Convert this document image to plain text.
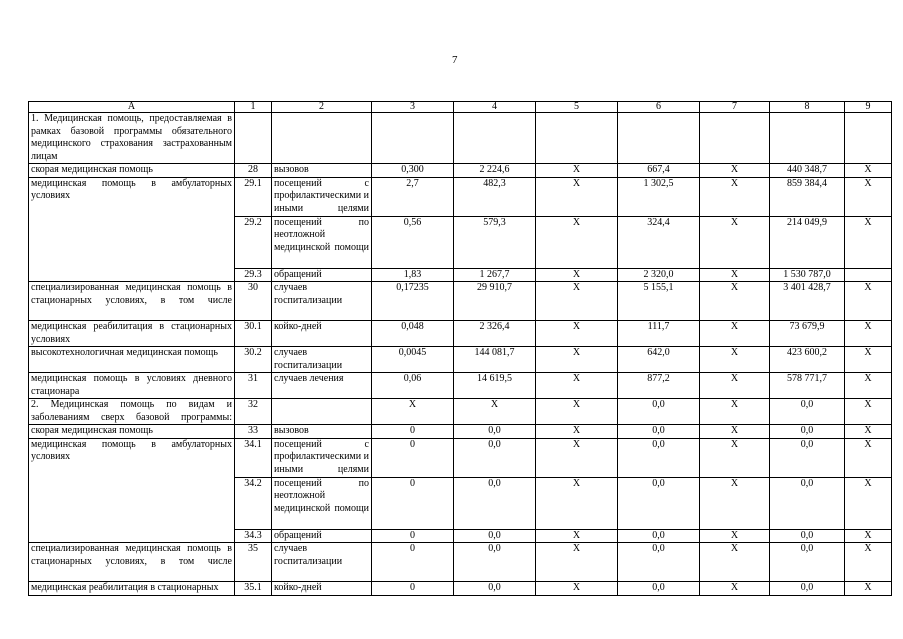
7
А	1	2	3	4	5	6	7	8	9
1. Медицинская помощь, предоставляемая в рамках базовой программы обязательного медицинского страхования застрахованным лицам									
скорая медицинская помощь	28	вызовов	0,300	2 224,6	Х	667,4	Х	440 348,7	Х
медицинская помощь в амбулаторных условиях	29.1	посещений с профилактическими и иными целями	2,7	482,3	Х	1 302,5	Х	859 384,4	Х
	29.2	посещений по неотложной медицинской помощи	0,56	579,3	Х	324,4	Х	214 049,9	Х
	29.3	обращений	1,83	1 267,7	Х	2 320,0	Х	1 530 787,0	
специализированная медицинская помощь в стационарных условиях, в том числе	30	случаев госпитализации	0,17235	29 910,7	Х	5 155,1	Х	3 401 428,7	Х
медицинская реабилитация в стационарных условиях	30.1	койко-дней	0,048	2 326,4	Х	111,7	Х	73 679,9	Х
высокотехнологичная медицинская помощь	30.2	случаев госпитализации	0,0045	144 081,7	Х	642,0	Х	423 600,2	Х
медицинская помощь в условиях дневного стационара	31	случаев лечения	0,06	14 619,5	Х	877,2	Х	578 771,7	Х
2. Медицинская помощь по видам и заболеваниям сверх базовой программы:	32		Х	Х	Х	0,0	Х	0,0	Х
скорая медицинская помощь	33	вызовов	0	0,0	Х	0,0	Х	0,0	Х
медицинская помощь в амбулаторных условиях	34.1	посещений с профилактическими и иными целями	0	0,0	Х	0,0	Х	0,0	Х
	34.2	посещений по неотложной медицинской помощи	0	0,0	Х	0,0	Х	0,0	Х
	34.3	обращений	0	0,0	Х	0,0	Х	0,0	Х
специализированная медицинская помощь в стационарных условиях, в том числе	35	случаев госпитализации	0	0,0	Х	0,0	Х	0,0	Х
медицинская реабилитация в стационарных	35.1	койко-дней	0	0,0	Х	0,0	Х	0,0	Х
